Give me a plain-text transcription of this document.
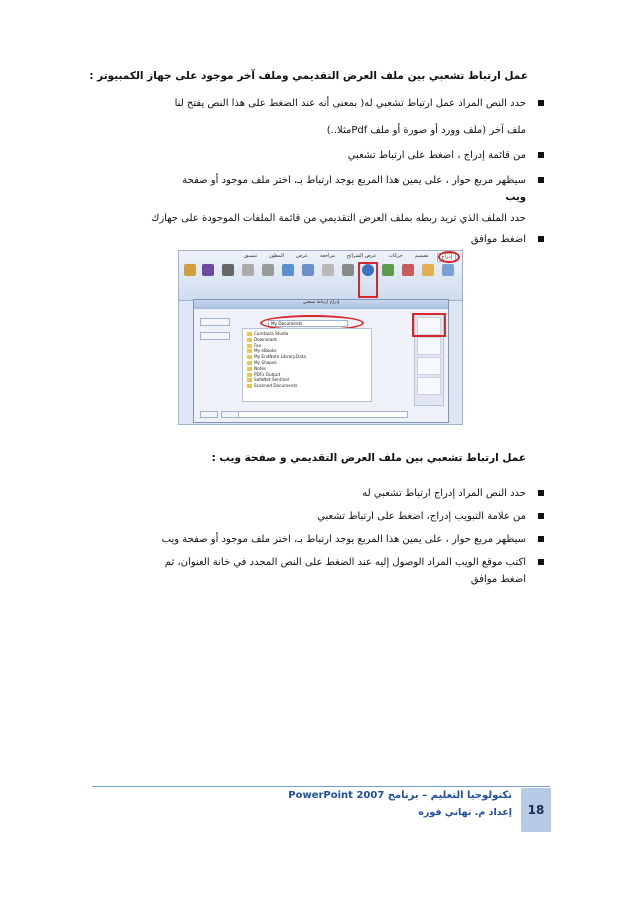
عمل ارتباط تشعبي بين ملف العرض التقديمي وملف آخر موجود على جهاز الكمبيوتر :
حدد النص المراد عمل ارتباط تشعبي له( بمعنى أنه عند الضغط على هذا النص يفتح لنا
ملف آخر (ملف وورد أو صورة أو ملف Pdfمثلا..)
من قائمة إدراج ، اضغط على ارتباط تشعبي
سيظهر مربع حوار ، على يمين هذا المربع يوجد ارتباط بـ، اختر ملف موجود أو صفحة
ويب
حدد الملف الذي تريد ربطه بملف العرض التقديمي من قائمة الملفات الموجودة على جهازك
اضغط موافق
إدراج
تصميم
حركات
عرض الشرائح
مراجعة
عرض
المطور
تنسيق
إدراج ارتباط تشعبي
My Documents
Camtasia Studio
Downloads
Fax
My eBooks
My EndNote Library.Data
My Shapes
Notes
PDFs Output
SafeNet Sentinel
Scanned Documents
عمل ارتباط تشعبي بين ملف العرض التقديمي و صفحة ويب :
حدد النص المراد إدراج ارتباط تشعبي له
من علامة التبويب إدراج، اضغط على ارتباط تشعبي
سيظهر مربع حوار ، على يمين هذا المربع يوجد ارتباط بـ، اختر ملف موجود أو صفحة ويب
اكتب موقع الويب المراد الوصول إليه عند الضغط على النص المحدد في خانة العنوان، ثم
اضغط موافق
تكنولوجيا التعليم – برنامج PowerPoint 2007
إعداد م. تهاني فوره	18
